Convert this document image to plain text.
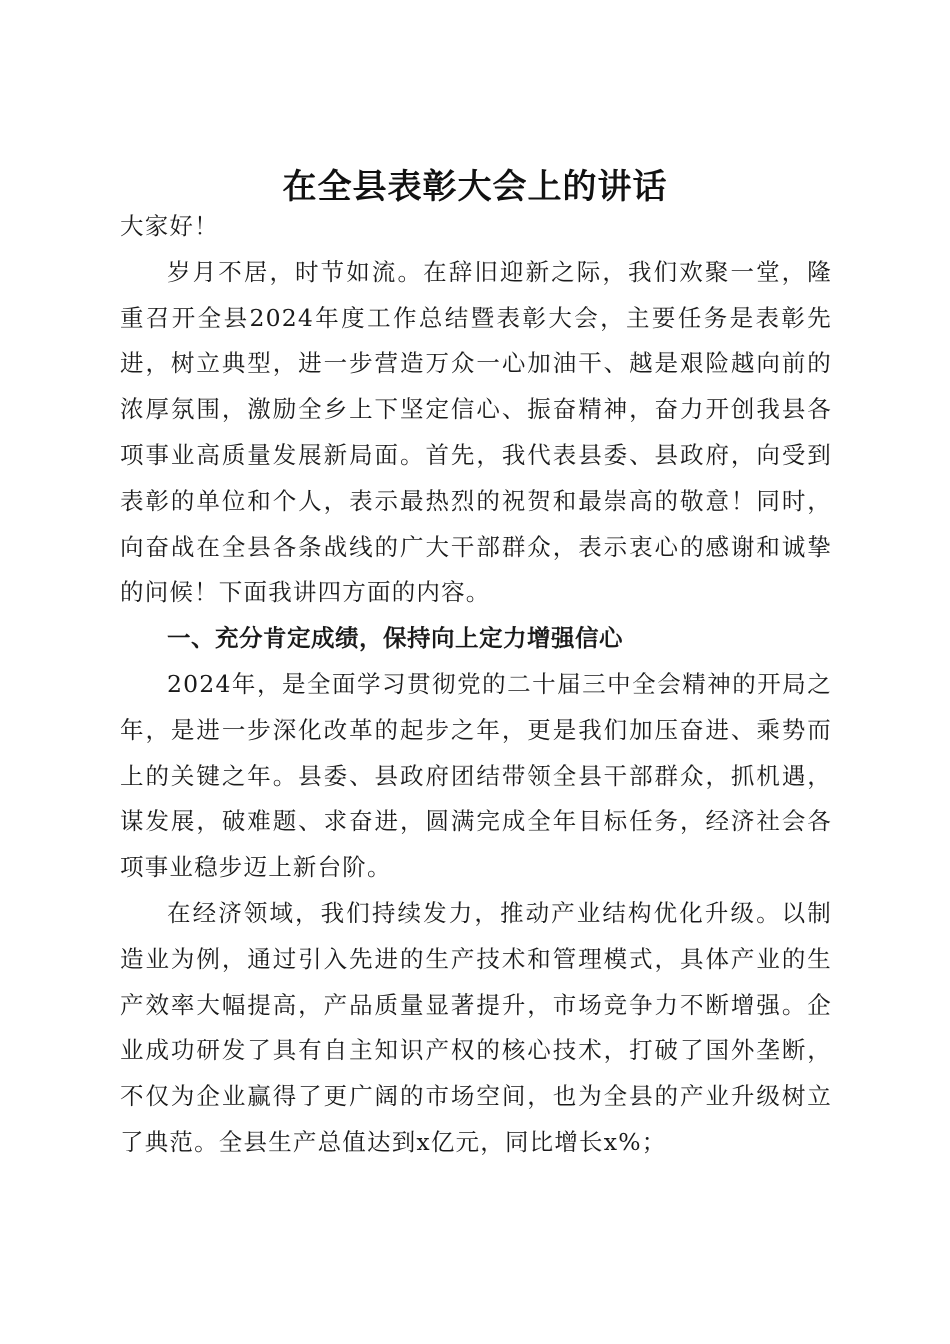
在全县表彰大会上的讲话

大家好！

岁月不居，时节如流。在辞旧迎新之际，我们欢聚一堂，隆重召开全县2024年度工作总结暨表彰大会，主要任务是表彰先进，树立典型，进一步营造万众一心加油干、越是艰险越向前的浓厚氛围，激励全乡上下坚定信心、振奋精神，奋力开创我县各项事业高质量发展新局面。首先，我代表县委、县政府，向受到表彰的单位和个人，表示最热烈的祝贺和最崇高的敬意！同时，向奋战在全县各条战线的广大干部群众，表示衷心的感谢和诚挚的问候！下面我讲四方面的内容。

一、充分肯定成绩，保持向上定力增强信心

2024年，是全面学习贯彻党的二十届三中全会精神的开局之年，是进一步深化改革的起步之年，更是我们加压奋进、乘势而上的关键之年。县委、县政府团结带领全县干部群众，抓机遇，谋发展，破难题、求奋进，圆满完成全年目标任务，经济社会各项事业稳步迈上新台阶。

在经济领域，我们持续发力，推动产业结构优化升级。以制造业为例，通过引入先进的生产技术和管理模式，具体产业的生产效率大幅提高，产品质量显著提升，市场竞争力不断增强。企业成功研发了具有自主知识产权的核心技术，打破了国外垄断，不仅为企业赢得了更广阔的市场空间，也为全县的产业升级树立了典范。全县生产总值达到x亿元，同比增长x%；
